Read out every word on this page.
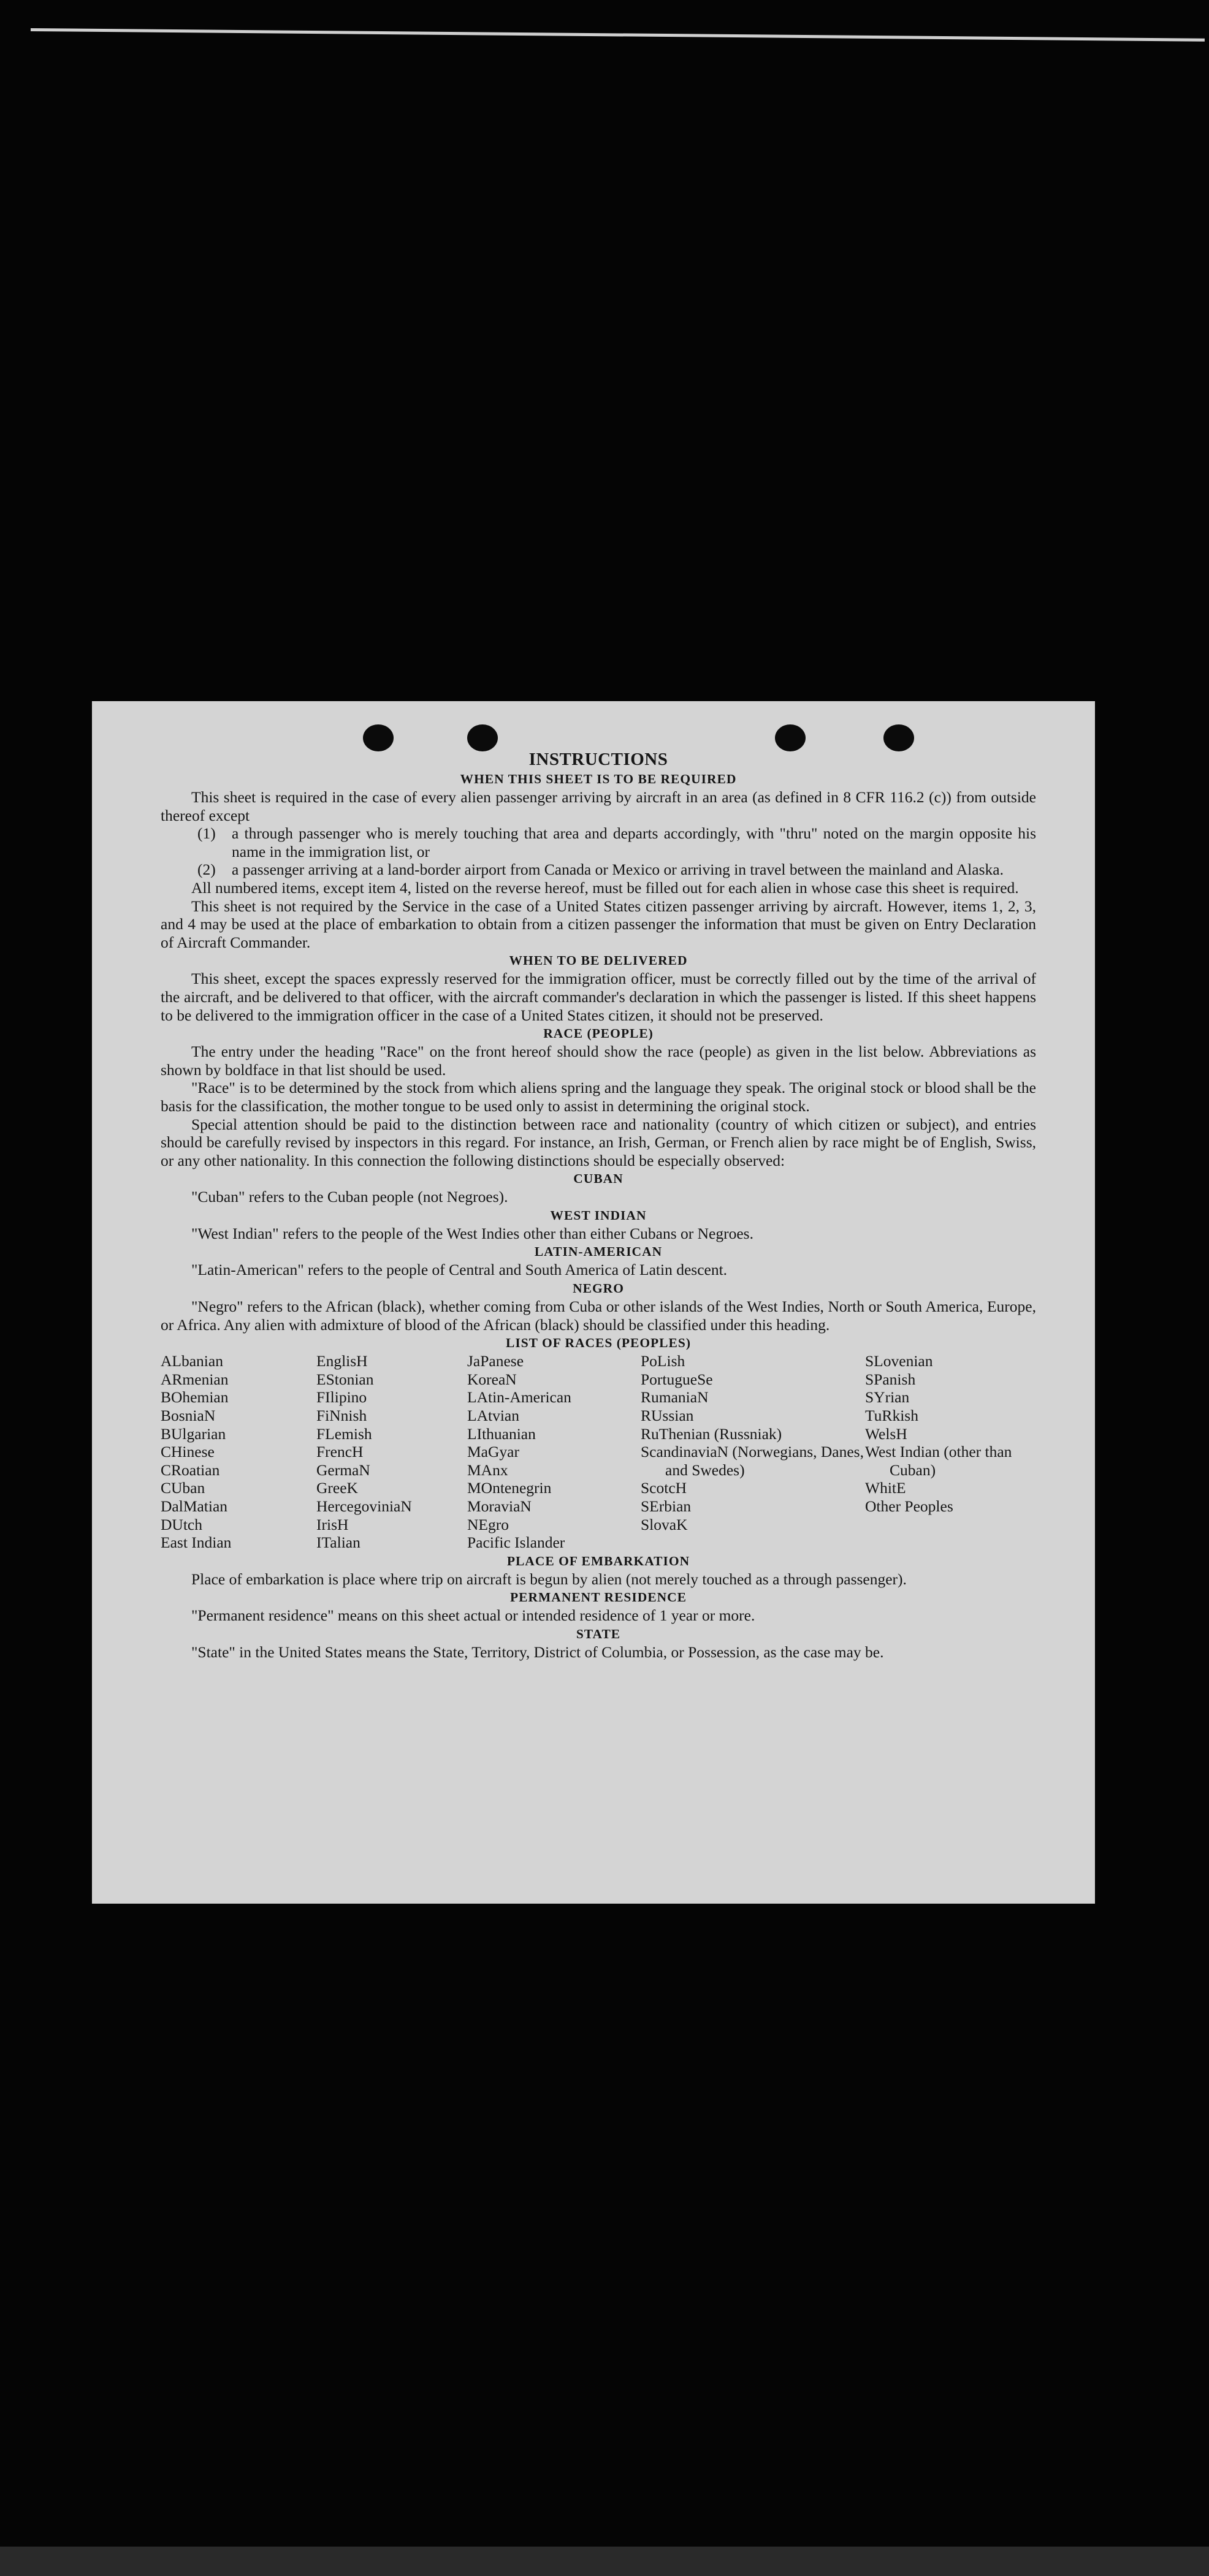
INSTRUCTIONS
WHEN THIS SHEET IS TO BE REQUIRED

This sheet is required in the case of every alien passenger arriving by aircraft in an area (as defined in 8 CFR 116.2 (c)) from outside thereof except

(1)	a through passenger who is merely touching that area and departs accordingly, with "thru" noted on the margin opposite his name in the immigration list, or
(2)	a passenger arriving at a land-border airport from Canada or Mexico or arriving in travel between the mainland and Alaska.

All numbered items, except item 4, listed on the reverse hereof, must be filled out for each alien in whose case this sheet is required.

This sheet is not required by the Service in the case of a United States citizen passenger arriving by aircraft. However, items 1, 2, 3, and 4 may be used at the place of embarkation to obtain from a citizen passenger the information that must be given on Entry Declaration of Aircraft Commander.

WHEN TO BE DELIVERED

This sheet, except the spaces expressly reserved for the immigration officer, must be correctly filled out by the time of the arrival of the aircraft, and be delivered to that officer, with the aircraft commander's declaration in which the passenger is listed. If this sheet happens to be delivered to the immigration officer in the case of a United States citizen, it should not be preserved.

RACE (PEOPLE)

The entry under the heading "Race" on the front hereof should show the race (people) as given in the list below. Abbreviations as shown by boldface in that list should be used.

"Race" is to be determined by the stock from which aliens spring and the language they speak. The original stock or blood shall be the basis for the classification, the mother tongue to be used only to assist in determining the original stock.

Special attention should be paid to the distinction between race and nationality (country of which citizen or subject), and entries should be carefully revised by inspectors in this regard. For instance, an Irish, German, or French alien by race might be of English, Swiss, or any other nationality. In this connection the following distinctions should be especially observed:

CUBAN

"Cuban" refers to the Cuban people (not Negroes).

WEST INDIAN

"West Indian" refers to the people of the West Indies other than either Cubans or Negroes.

LATIN-AMERICAN

"Latin-American" refers to the people of Central and South America of Latin descent.

NEGRO

"Negro" refers to the African (black), whether coming from Cuba or other islands of the West Indies, North or South America, Europe, or Africa. Any alien with admixture of blood of the African (black) should be classified under this heading.

LIST OF RACES (PEOPLES)
ALbanian
ARmenian
BOhemian
BosniaN
BUlgarian
CHinese
CRoatian
CUban
DalMatian
DUtch
East Indian
EnglisH
EStonian
FIlipino
FiNnish
FLemish
FrencH
GermaN
GreeK
HercegoviniaN
IrisH
ITalian
JaPanese
KoreaN
LAtin-American
LAtvian
LIthuanian
MaGyar
MAnx
MOntenegrin
MoraviaN
NEgro
Pacific Islander
PoLish
PortugueSe
RumaniaN
RUssian
RuThenian (Russniak)
ScandinaviaN (Norwegians, Danes, and Swedes)
ScotcH
SErbian
SlovaK
SLovenian
SPanish
SYrian
TuRkish
WelsH
West Indian (other than Cuban)
WhitE
Other Peoples
PLACE OF EMBARKATION

Place of embarkation is place where trip on aircraft is begun by alien (not merely touched as a through passenger).

PERMANENT RESIDENCE

"Permanent residence" means on this sheet actual or intended residence of 1 year or more.

STATE

"State" in the United States means the State, Territory, District of Columbia, or Possession, as the case may be.
